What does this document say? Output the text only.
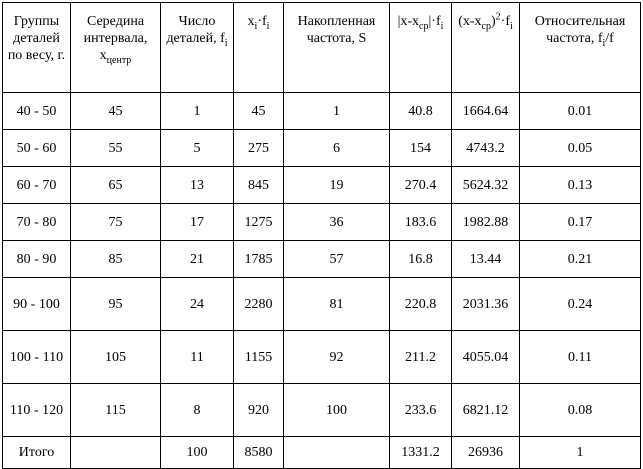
Группы деталей по весу, г.	Середина интервала, $x_{центр}$	Число деталей, $f_i$	$x_i\cdot f_i$	Накопленная частота, S	$|x-x_{ср}|\cdot f_i$	$(x-x_{ср})^2\cdot f_i$	Относительная частота, $f_i/f$
40 - 50	45	1	45	1	40.8	1664.64	0.01
50 - 60	55	5	275	6	154	4743.2	0.05
60 - 70	65	13	845	19	270.4	5624.32	0.13
70 - 80	75	17	1275	36	183.6	1982.88	0.17
80 - 90	85	21	1785	57	16.8	13.44	0.21
90 - 100	95	24	2280	81	220.8	2031.36	0.24
100 - 110	105	11	1155	92	211.2	4055.04	0.11
110 - 120	115	8	920	100	233.6	6821.12	0.08
Итого		100	8580		1331.2	26936	1
